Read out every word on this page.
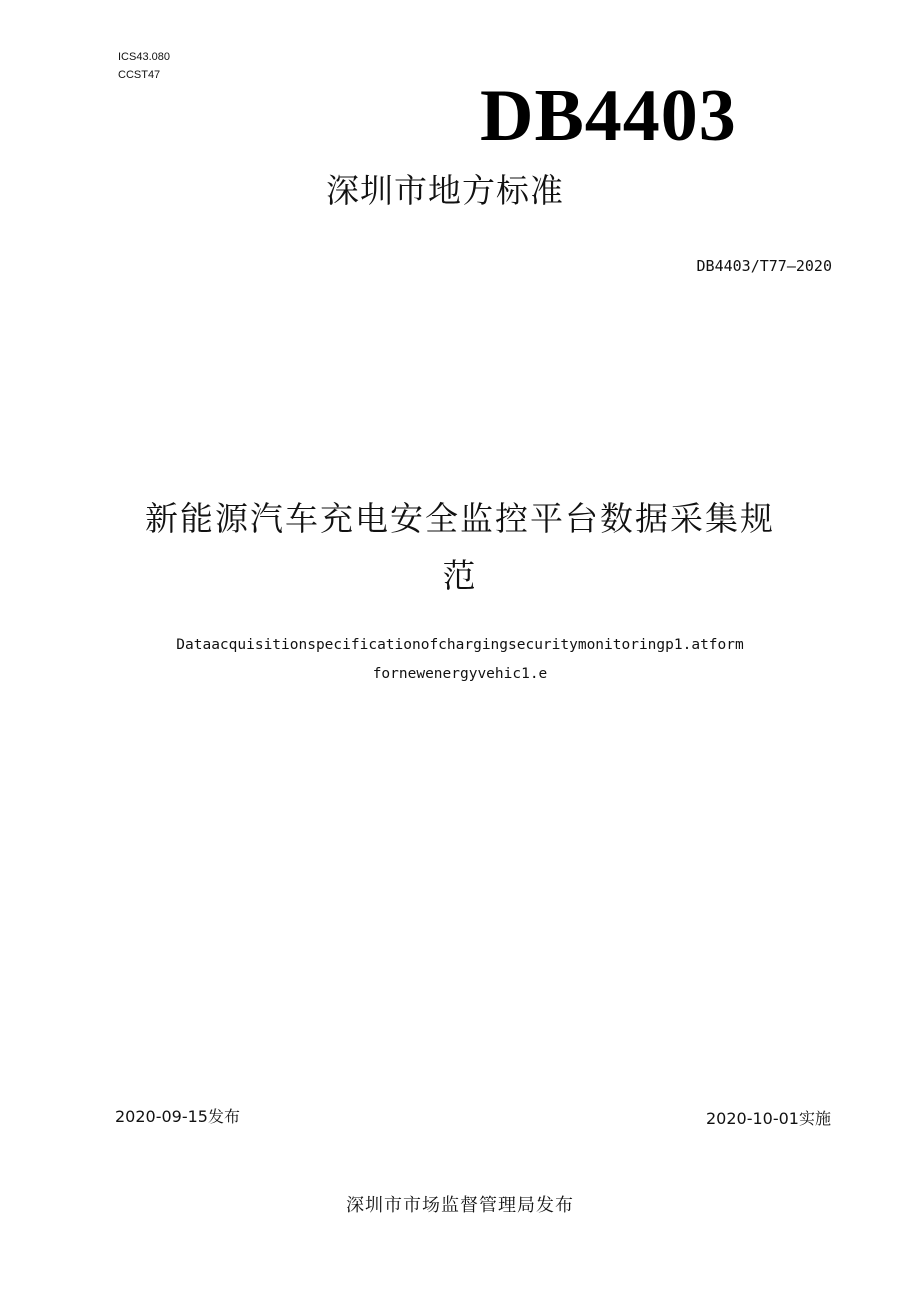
ICS43.080
CCST47	DB4403
深圳市地方标准
DB4403/T77—2020
新能源汽车充电安全监控平台数据采集规
范
Dataacquisitionspecificationofchargingsecuritymonitoringp1.atform
fornewenergyvehic1.e
2020-09-15发布	2020-10-01实施
深圳市市场监督管理局发布
